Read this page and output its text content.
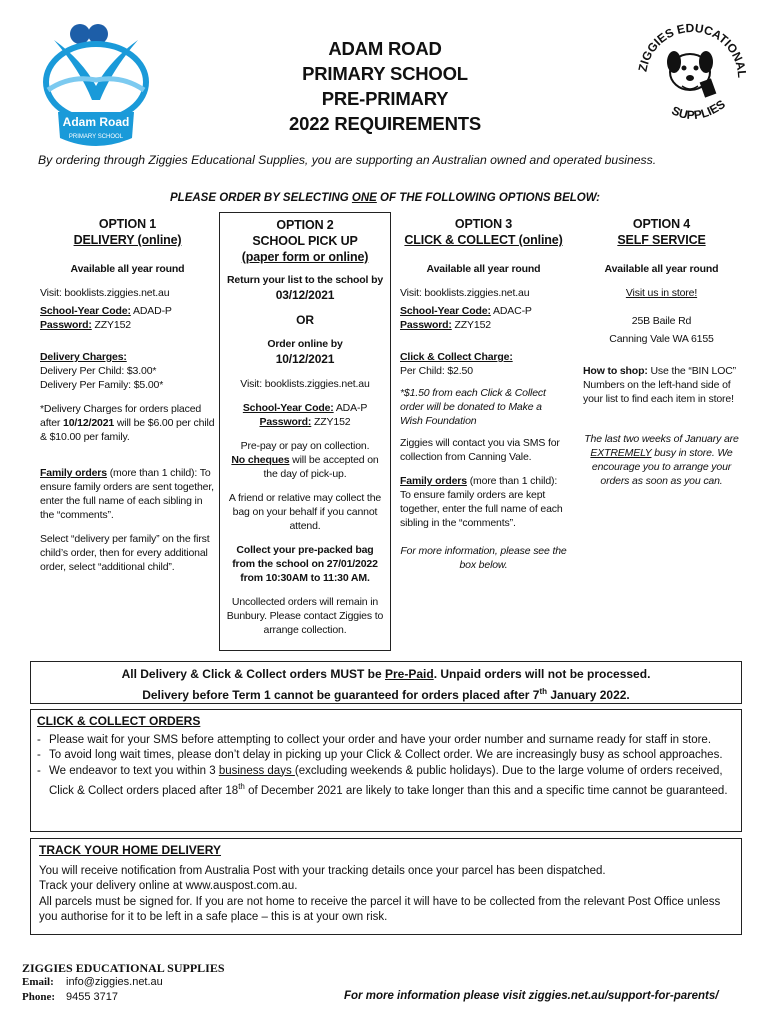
Adam Road
PRIMARY SCHOOL
ADAM ROAD
PRIMARY SCHOOL
PRE-PRIMARY
2022 REQUIREMENTS
ZIGGIES EDUCATIONAL
SUPPLIES
By ordering through Ziggies Educational Supplies, you are supporting an Australian owned and operated business.
PLEASE ORDER BY SELECTING ONE OF THE FOLLOWING OPTIONS BELOW:
OPTION 1
DELIVERY (online)
Available all year round
Visit: booklists.ziggies.net.au
School-Year Code: ADAD-P
Password: ZZY152
Delivery Charges:
Delivery Per Child: $3.00*
Delivery Per Family: $5.00*
*Delivery Charges for orders placed after 10/12/2021 will be $6.00 per child & $10.00 per family.
Family orders (more than 1 child): To ensure family orders are sent together, enter the full name of each sibling in the “comments”.
Select “delivery per family” on the first child’s order, then for every additional order, select “additional child”.
OPTION 2
SCHOOL PICK UP
(paper form or online)
Return your list to the school by
03/12/2021
OR
Order online by
10/12/2021
Visit: booklists.ziggies.net.au
School-Year Code: ADA-P
Password: ZZY152
Pre-pay or pay on collection.
No cheques will be accepted on the day of pick-up.
A friend or relative may collect the bag on your behalf if you cannot attend.
Collect your pre-packed bag from the school on 27/01/2022 from 10:30AM to 11:30 AM.
Uncollected orders will remain in Bunbury. Please contact Ziggies to arrange collection.
OPTION 3
CLICK & COLLECT (online)
Available all year round
Visit: booklists.ziggies.net.au
School-Year Code: ADAC-P
Password: ZZY152
Click & Collect Charge:
Per Child: $2.50
*$1.50 from each Click & Collect order will be donated to Make a Wish Foundation
Ziggies will contact you via SMS for collection from Canning Vale.
Family orders (more than 1 child): To ensure family orders are kept together, enter the full name of each sibling in the “comments”.
For more information, please see the box below.
OPTION 4
SELF SERVICE
Available all year round
Visit us in store!
25B Baile Rd
Canning Vale WA 6155
How to shop: Use the “BIN LOC” Numbers on the left-hand side of your list to find each item in store!
The last two weeks of January are EXTREMELY busy in store. We encourage you to arrange your orders as soon as you can.
All Delivery & Click & Collect orders MUST be Pre-Paid. Unpaid orders will not be processed.
Delivery before Term 1 cannot be guaranteed for orders placed after 7th January 2022.
CLICK & COLLECT ORDERS
- Please wait for your SMS before attempting to collect your order and have your order number and surname ready for staff in store.
- To avoid long wait times, please don’t delay in picking up your Click & Collect order. We are increasingly busy as school approaches.
- We endeavor to text you within 3 business days (excluding weekends & public holidays). Due to the large volume of orders received, Click & Collect orders placed after 18th of December 2021 are likely to take longer than this and a specific time cannot be guaranteed.
TRACK YOUR HOME DELIVERY
You will receive notification from Australia Post with your tracking details once your parcel has been dispatched.
Track your delivery online at www.auspost.com.au.
All parcels must be signed for. If you are not home to receive the parcel it will have to be collected from the relevant Post Office unless you authorise for it to be left in a safe place – this is at your own risk.
ZIGGIES EDUCATIONAL SUPPLIES
Email: info@ziggies.net.au
Phone: 9455 3717	For more information please visit ziggies.net.au/support-for-parents/
